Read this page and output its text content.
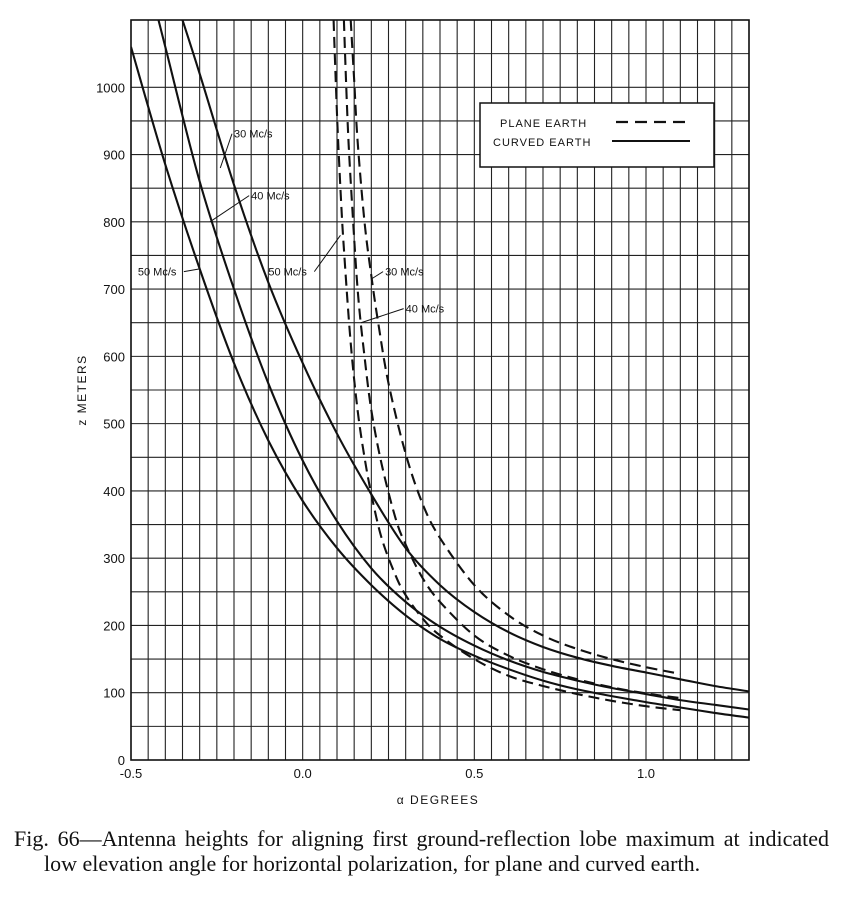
0
100
200
300
400
500
600
700
800
900
1000
-0.5	0.0	0.5	1.0
30 Mc/s
40 Mc/s
50 Mc/s	50 Mc/s	30 Mc/s
40 Mc/s
z METERS
α DEGREES
PLANE EARTH
CURVED EARTH
Fig. 66—Antenna heights for aligning first ground-reflection lobe maximum at indicated low elevation angle for horizontal polarization, for plane and curved earth.
